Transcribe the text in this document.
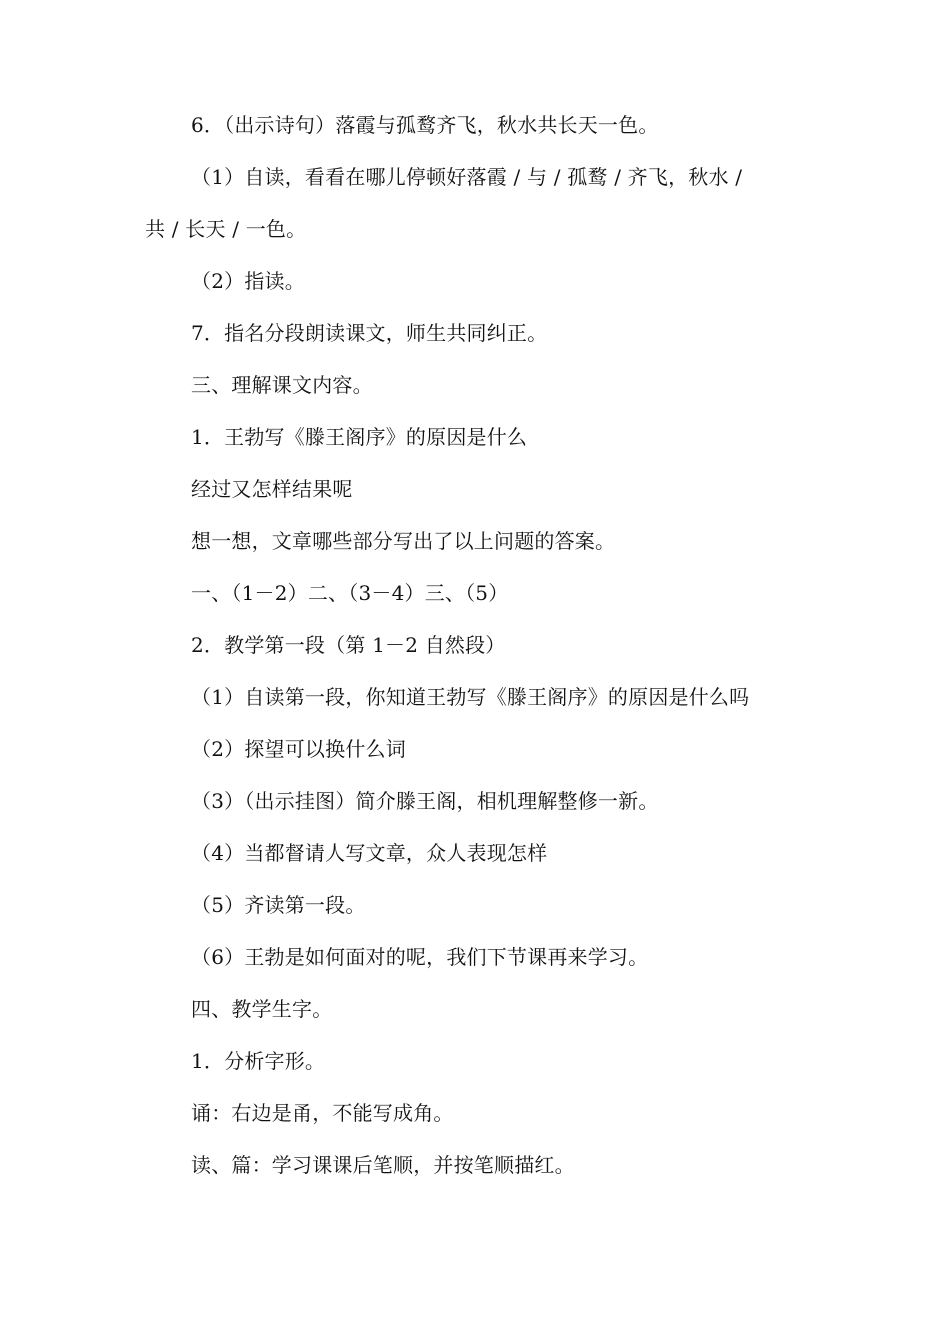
6．（出示诗句）落霞与孤鹜齐飞，秋水共长天一色。

（1）自读，看看在哪儿停顿好落霞 / 与 / 孤鹜 / 齐飞，秋水 /

共 / 长天 / 一色。

（2）指读。

7．指名分段朗读课文，师生共同纠正。

三、理解课文内容。

1．王勃写《滕王阁序》的原因是什么

经过又怎样结果呢

想一想，文章哪些部分写出了以上问题的答案。

一、（1－2）二、（3－4）三、（5）

2．教学第一段（第 1－2 自然段）

（1）自读第一段，你知道王勃写《滕王阁序》的原因是什么吗

（2）探望可以换什么词

（3）（出示挂图）简介滕王阁，相机理解整修一新。

（4）当都督请人写文章，众人表现怎样

（5）齐读第一段。

（6）王勃是如何面对的呢，我们下节课再来学习。

四、教学生字。

1．分析字形。

诵：右边是甬，不能写成角。

读、篇：学习课课后笔顺，并按笔顺描红。
